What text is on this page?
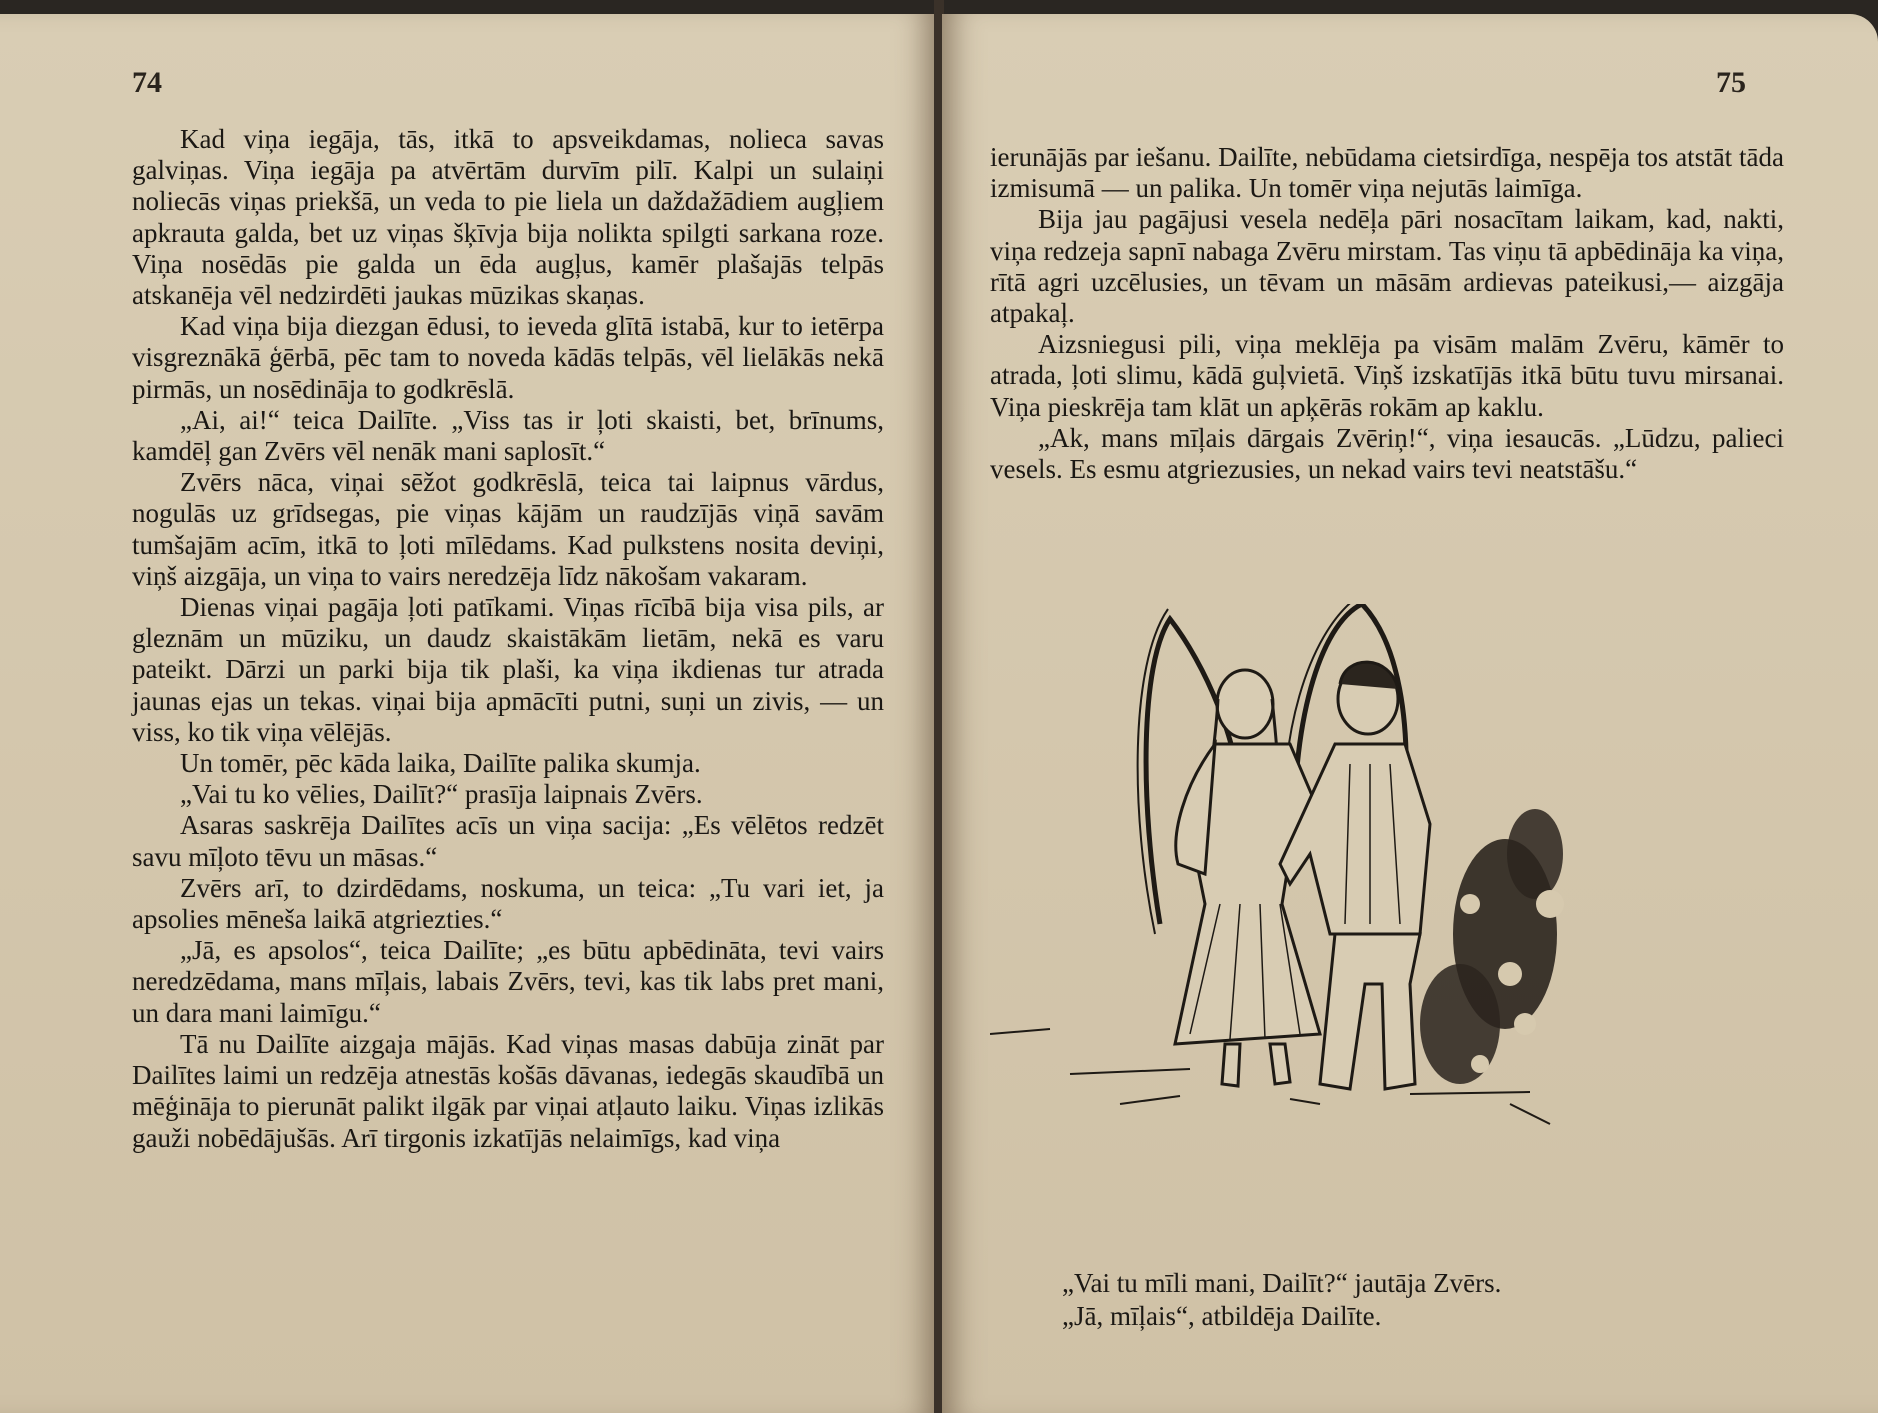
74

Kad viņa iegāja, tās, itkā to apsveikdamas, nolieca savas galviņas. Viņa iegāja pa atvērtām durvīm pilī. Kalpi un sulaiņi noliecās viņas priekšā, un veda to pie liela un daždažādiem augļiem apkrauta galda, bet uz viņas šķīvja bija nolikta spilgti sarkana roze. Viņa nosēdās pie galda un ēda augļus, kamēr plašajās telpās atskanēja vēl nedzirdēti jaukas mūzikas skaņas.

Kad viņa bija diezgan ēdusi, to ieveda glītā istabā, kur to ietērpa visgreznākā ģērbā, pēc tam to noveda kādās telpās, vēl lielākās nekā pirmās, un nosēdināja to godkrēslā.

„Ai, ai!“ teica Dailīte. „Viss tas ir ļoti skaisti, bet, brīnums, kamdēļ gan Zvērs vēl nenāk mani saplosīt.“

Zvērs nāca, viņai sēžot godkrēslā, teica tai laipnus vārdus, nogulās uz grīdsegas, pie viņas kājām un raudzījās viņā savām tumšajām acīm, itkā to ļoti mīlēdams. Kad pulkstens nosita deviņi, viņš aizgāja, un viņa to vairs neredzēja līdz nākošam vakaram.

Dienas viņai pagāja ļoti patīkami. Viņas rīcībā bija visa pils, ar gleznām un mūziku, un daudz skaistākām lietām, nekā es varu pateikt. Dārzi un parki bija tik plaši, ka viņa ikdienas tur atrada jaunas ejas un tekas. viņai bija apmācīti putni, suņi un zivis, — un viss, ko tik viņa vēlējās.

Un tomēr, pēc kāda laika, Dailīte palika skumja.

„Vai tu ko vēlies, Dailīt?“ prasīja laipnais Zvērs.

Asaras saskrēja Dailītes acīs un viņa sacija: „Es vēlētos redzēt savu mīļoto tēvu un māsas.“

Zvērs arī, to dzirdēdams, noskuma, un teica: „Tu vari iet, ja apsolies mēneša laikā atgriezties.“

„Jā, es apsolos“, teica Dailīte; „es būtu apbēdināta, tevi vairs neredzēdama, mans mīļais, labais Zvērs, tevi, kas tik labs pret mani, un dara mani laimīgu.“

Tā nu Dailīte aizgaja mājās. Kad viņas masas dabūja zināt par Dailītes laimi un redzēja atnestās košās dāvanas, iedegās skaudībā un mēģināja to pierunāt palikt ilgāk par viņai atļauto laiku. Viņas izlikās gauži nobēdājušās. Arī tirgonis izkatījās nelaimīgs, kad viņa

75

ierunājās par iešanu. Dailīte, nebūdama cietsirdīga, nespēja tos atstāt tāda izmisumā — un palika. Un tomēr viņa nejutās laimīga.

Bija jau pagājusi vesela nedēļa pāri nosacītam laikam, kad, nakti, viņa redzeja sapnī nabaga Zvēru mirstam. Tas viņu tā apbēdināja ka viņa, rītā agri uzcēlusies, un tēvam un māsām ardievas pateikusi,— aizgāja atpakaļ.

Aizsniegusi pili, viņa meklēja pa visām malām Zvēru, kāmēr to atrada, ļoti slimu, kādā guļvietā. Viņš izskatījās itkā būtu tuvu mirsanai. Viņa pieskrēja tam klāt un apķērās rokām ap kaklu.

„Ak, mans mīļais dārgais Zvēriņ!“, viņa iesaucās. „Lūdzu, palieci vesels. Es esmu atgriezusies, un nekad vairs tevi neatstāšu.“

„Vai tu mīli mani, Dailīt?“ jautāja Zvērs.

„Jā, mīļais“, atbildēja Dailīte.
